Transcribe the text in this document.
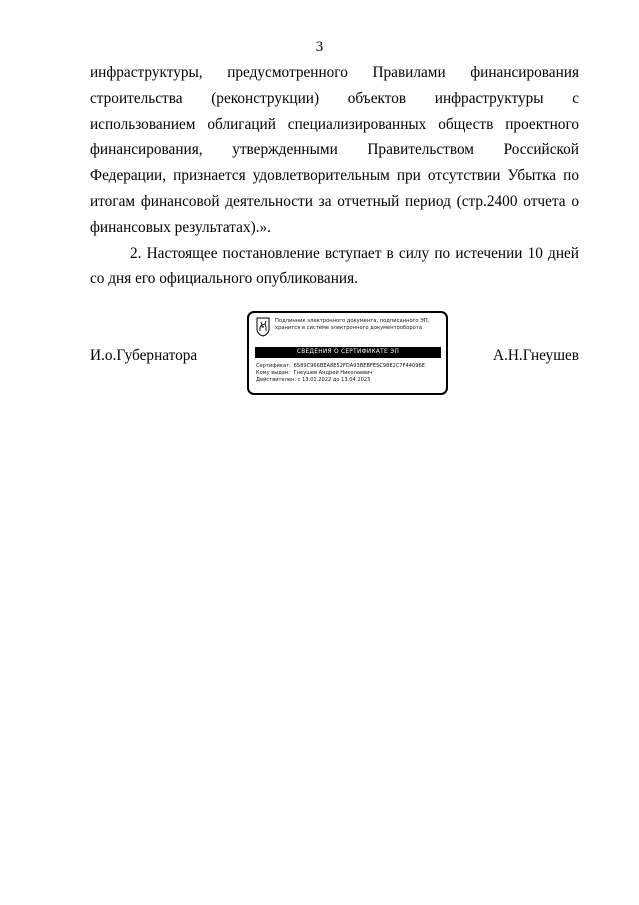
3

инфраструктуры, предусмотренного Правилами финансирования строительства (реконструкции) объектов инфраструктуры с использованием облигаций специализированных обществ проектного финансирования, утвержденными Правительством Российской Федерации, признается удовлетворительным при отсутствии Убытка по итогам финансовой деятельности за отчетный период (стр.2400 отчета о финансовых результатах).».

2. Настоящее постановление вступает в силу по истечении 10 дней со дня его официального опубликования.

И.о.Губернатора
Подлинник электронного документа, подписанного ЭП, хранится в системе электронного документооборота
СВЕДЕНИЯ О СЕРТИФИКАТЕ ЭП
Сертификат: 6589C966BEA8E52FDA93BEBFE5C98E2C7F44096E
Кому выдан: Гнеушев Андрей Николаевич
Действителен: с 13.01.2022 до 13.04.2023
А.Н.Гнеушев
